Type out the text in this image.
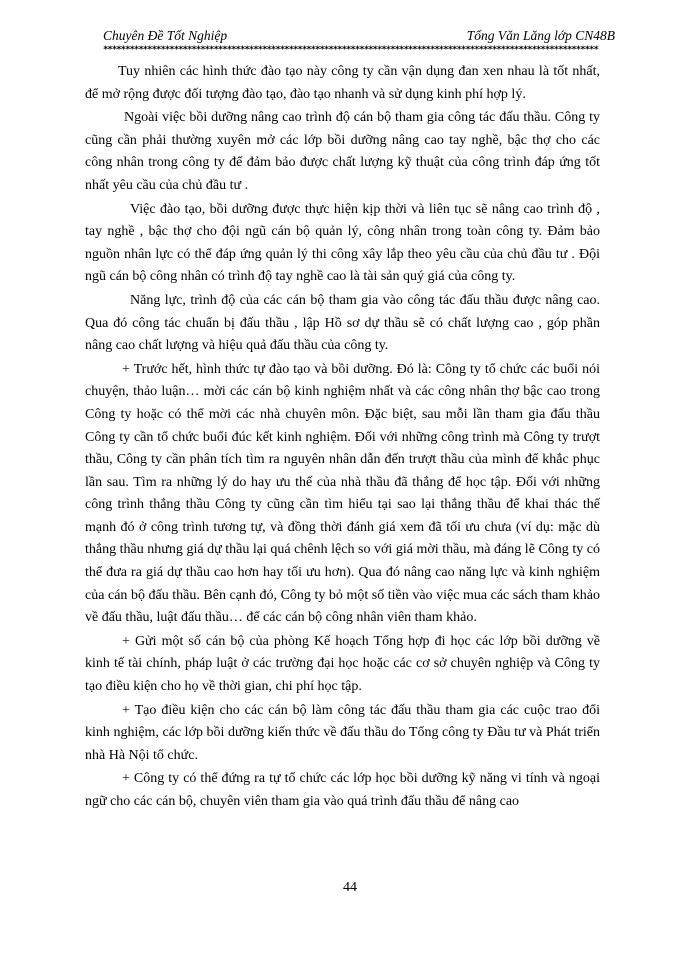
Chuyên Đề Tốt Nghiệp	Tống Văn Lăng lớp CN48B
****************************************************************************************************************

Tuy nhiên các hình thức đào tạo này công ty cần vận dụng đan xen nhau là tốt nhất, để mở rộng được đối tượng đào tạo, đào tạo nhanh và sử dụng kinh phí hợp lý.

Ngoài việc bồi dưỡng nâng cao trình độ cán bộ tham gia công tác đấu thầu. Công ty cũng cần phải thường xuyên mở các lớp bồi dưỡng nâng cao tay nghề, bậc thợ cho các công nhân trong công ty để đảm bảo được chất lượng kỹ thuật của công trình đáp ứng tốt nhất yêu cầu của chủ đầu tư .

Việc đào tạo, bồi dưỡng được thực hiện kịp thời và liên tục sẽ nâng cao trình độ , tay nghề , bậc thợ cho đội ngũ cán bộ quản lý, công nhân trong toàn công ty. Đảm bảo nguồn nhân lực có thể đáp ứng quản lý thi công xây lắp theo yêu cầu của chủ đầu tư . Đội ngũ cán bộ công nhân có trình độ tay nghề cao là tài sản quý giá của công ty.

Năng lực, trình độ của các cán bộ tham gia vào công tác đấu thầu được nâng cao. Qua đó công tác chuẩn bị đấu thầu , lập Hồ sơ dự thầu sẽ có chất lượng cao , góp phần nâng cao chất lượng và hiệu quả đấu thầu của công ty.

+ Trước hết, hình thức tự đào tạo và bồi dưỡng. Đó là: Công ty tổ chức các buổi nói chuyện, thảo luận… mời các cán bộ kinh nghiệm nhất và các công nhân thợ bậc cao trong Công ty hoặc có thể mời các nhà chuyên môn. Đặc biệt, sau mỗi lần tham gia đấu thầu Công ty cần tổ chức buổi đúc kết kinh nghiệm. Đối với những công trình mà Công ty trượt thầu, Công ty cần phân tích tìm ra nguyên nhân dẫn đến trượt thầu của mình để khắc phục lần sau. Tìm ra những lý do hay ưu thế của nhà thầu đã thắng để học tập. Đối với những công trình thắng thầu Công ty cũng cần tìm hiểu tại sao lại thắng thầu để khai thác thế mạnh đó ở công trình tương tự, và đồng thời đánh giá xem đã tối ưu chưa (ví dụ: mặc dù thắng thầu nhưng giá dự thầu lại quá chênh lệch so với giá mời thầu, mà đáng lẽ Công ty có thể đưa ra giá dự thầu cao hơn hay tối ưu hơn). Qua đó nâng cao năng lực và kinh nghiệm của cán bộ đấu thầu. Bên cạnh đó, Công ty bỏ một số tiền vào việc mua các sách tham khảo về đấu thầu, luật đấu thầu… để các cán bộ công nhân viên tham khảo.

+ Gửi một số cán bộ của phòng Kế hoạch Tổng hợp đi học các lớp bồi dưỡng về kinh tế tài chính, pháp luật ở các trường đại học hoặc các cơ sở chuyên nghiệp và Công ty tạo điều kiện cho họ về thời gian, chi phí học tập.

+ Tạo điều kiện cho các cán bộ làm công tác đấu thầu tham gia các cuộc trao đổi kinh nghiệm, các lớp bồi dưỡng kiến thức về đấu thầu do Tổng công ty Đầu tư và Phát triển nhà Hà Nội tổ chức.

+ Công ty có thể đứng ra tự tổ chức các lớp học bồi dưỡng kỹ năng vi tính và ngoại ngữ cho các cán bộ, chuyên viên tham gia vào quá trình đấu thầu để nâng cao

44
